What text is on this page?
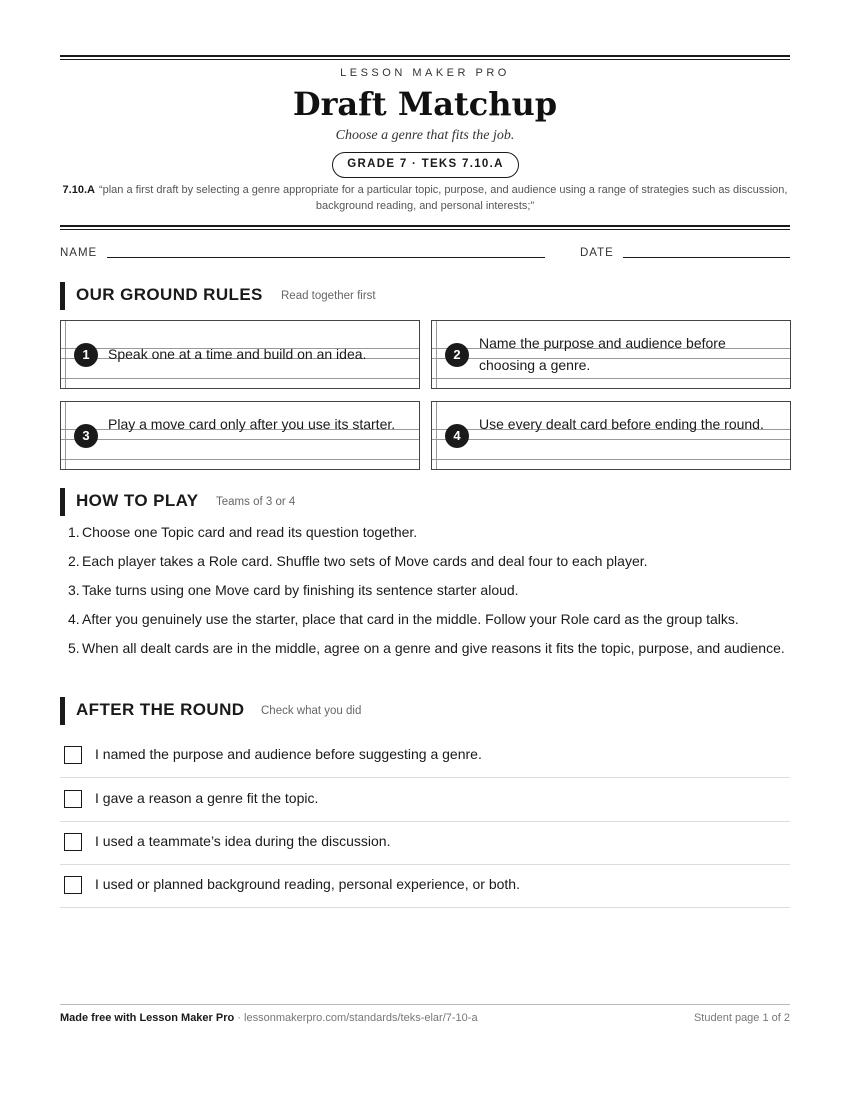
LESSON MAKER PRO
Draft Matchup
Choose a genre that fits the job.
GRADE 7 · TEKS 7.10.A
7.10.A “plan a first draft by selecting a genre appropriate for a particular topic, purpose, and audience using a range of strategies such as discussion, background reading, and personal interests;”
NAME	DATE
OUR GROUND RULES Read together first
1	Speak one at a time and build on an idea.	2
Name the purpose and audience before choosing a genre.
3
Play a move card only after you use its starter.
4
Use every dealt card before ending the round.
HOW TO PLAY Teams of 3 or 4
1. Choose one Topic card and read its question together.
2. Each player takes a Role card. Shuffle two sets of Move cards and deal four to each player.
3. Take turns using one Move card by finishing its sentence starter aloud.
4. After you genuinely use the starter, place that card in the middle. Follow your Role card as the group talks.
5. When all dealt cards are in the middle, agree on a genre and give reasons it fits the topic, purpose, and audience.
AFTER THE ROUND Check what you did
I named the purpose and audience before suggesting a genre.
I gave a reason a genre fit the topic.
I used a teammate’s idea during the discussion.
I used or planned background reading, personal experience, or both.
Made free with Lesson Maker Pro · lessonmakerpro.com/standards/teks-elar/7-10-a	Student page 1 of 2
